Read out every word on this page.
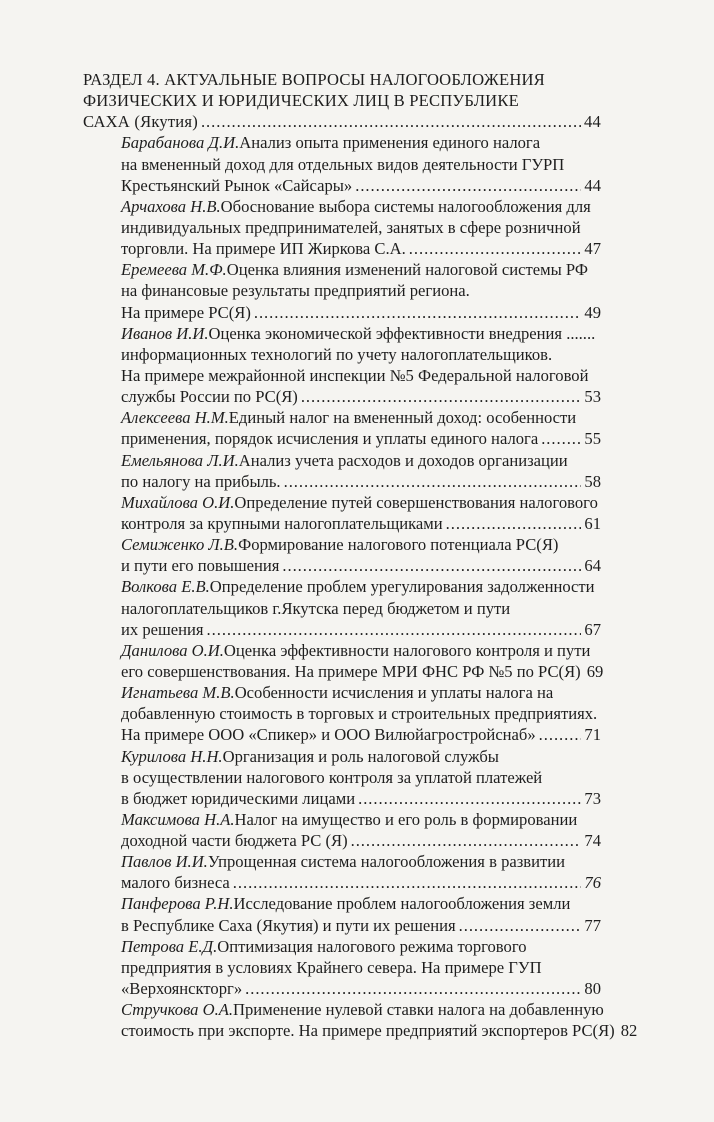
РАЗДЕЛ 4. АКТУАЛЬНЫЕ ВОПРОСЫ НАЛОГООБЛОЖЕНИЯ
ФИЗИЧЕСКИХ И ЮРИДИЧЕСКИХ ЛИЦ В РЕСПУБЛИКЕ
САХА (Якутия) . . .	44
Барабанова Д.И. Анализ опыта применения единого налога
на вмененный доход для отдельных видов деятельности ГУРП
Крестьянский Рынок «Сайсары» . . .	44
Арчахова Н.В. Обоснование выбора системы налогообложения для
индивидуальных предпринимателей, занятых в сфере розничной
торговли. На примере ИП Жиркова С.А. . . .	47
Еремеева М.Ф. Оценка влияния изменений налоговой системы РФ
на финансовые результаты предприятий региона.
На примере РС(Я) . . .	49
Иванов И.И. Оценка экономической эффективности внедрения .......
информационных технологий по учету налогоплательщиков.
На примере межрайонной инспекции №5 Федеральной налоговой
службы России по РС(Я) . . .	53
Алексеева Н.М. Единый налог на вмененный доход: особенности
применения, порядок исчисления и уплаты единого налога . . .	55
Емельянова Л.И. Анализ учета расходов и доходов организации
по налогу на прибыль. . . .	58
Михайлова О.И. Определение путей совершенствования налогового
контроля за крупными налогоплательщиками . . .	61
Семиженко Л.В. Формирование налогового потенциала РС(Я)
и пути его повышения . . .	64
Волкова Е.В. Определение проблем урегулирования задолженности
налогоплательщиков г.Якутска перед бюджетом и пути
их решения . . .	67
Данилова О.И. Оценка эффективности налогового контроля и пути
его совершенствования. На примере МРИ ФНС РФ №5 по РС(Я) 69
Игнатьева М.В. Особенности исчисления и уплаты налога на
добавленную стоимость в торговых и строительных предприятиях.
На примере ООО «Спикер» и ООО Вилюйагростройснаб» . . .	71
Курилова Н.Н. Организация и роль налоговой службы
в осуществлении налогового контроля за уплатой платежей
в бюджет юридическими лицами . . .	73
Максимова Н.А. Налог на имущество и его роль в формировании
доходной части бюджета РС (Я) . . .	74
Павлов И.И. Упрощенная система налогообложения в развитии
малого бизнеса . . .	76
Панферова Р.Н. Исследование проблем налогообложения земли
в Республике Саха (Якутия) и пути их решения . . .	77
Петрова Е.Д. Оптимизация налогового режима торгового
предприятия в условиях Крайнего севера. На примере ГУП
«Верхоянскторг» . . .	80
Стручкова О.А. Применение нулевой ставки налога на добавленную
стоимость при экспорте. На примере предприятий экспортеров РС(Я) 82
